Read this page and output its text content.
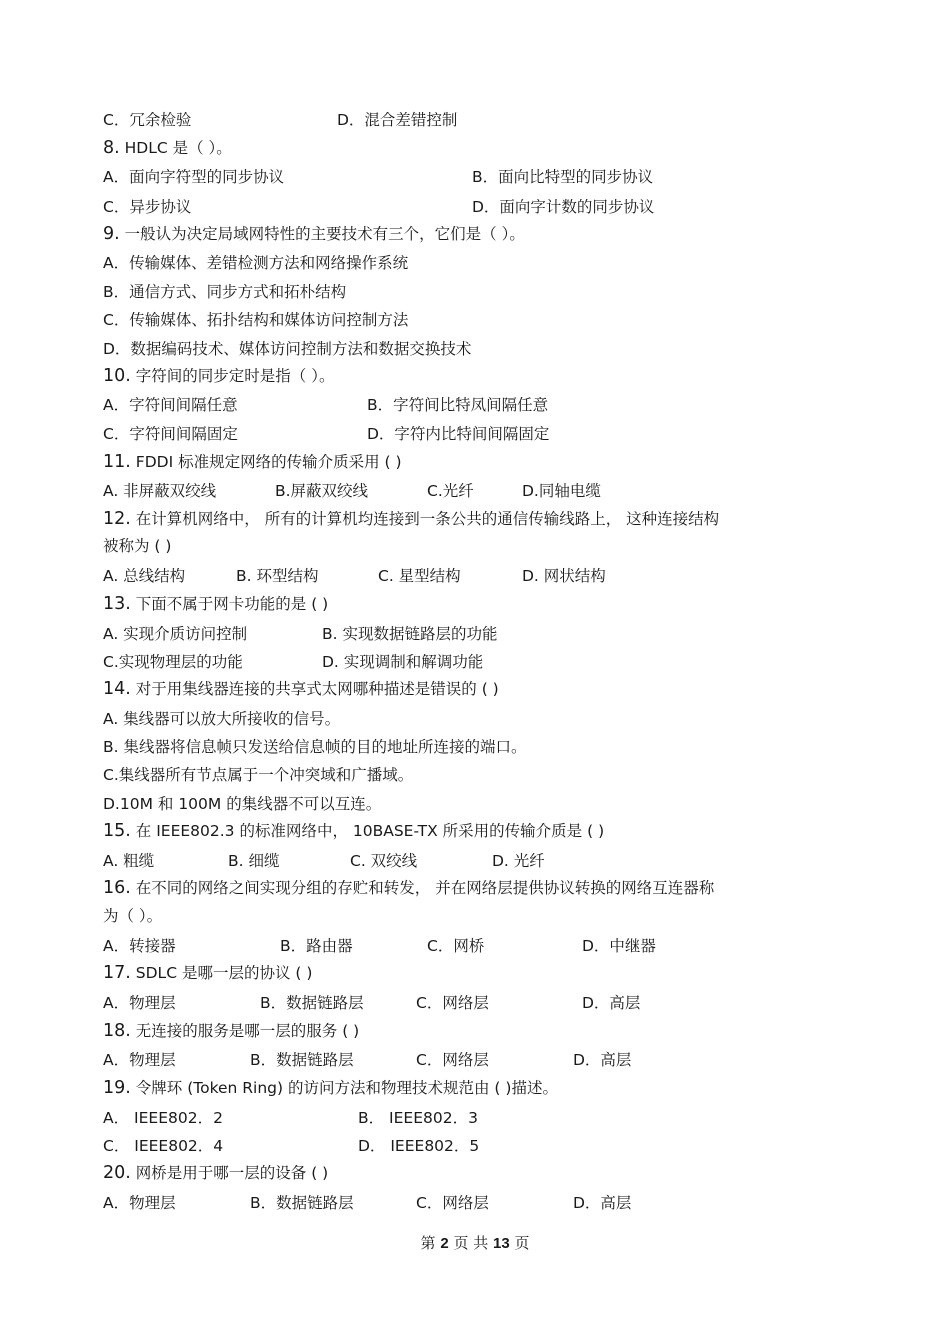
C．冗余检验	D．混合差错控制
8. HDLC 是（ ）。
A．面向字符型的同步协议	B．面向比特型的同步协议
C．异步协议	D．面向字计数的同步协议
9. 一般认为决定局域网特性的主要技术有三个，它们是（ ）。
A．传输媒体、差错检测方法和网络操作系统
B．通信方式、同步方式和拓朴结构
C．传输媒体、拓扑结构和媒体访问控制方法
D．数据编码技术、媒体访问控制方法和数据交换技术
10. 字符间的同步定时是指（ ）。
A．字符间间隔任意	B．字符间比特凤间隔任意
C．字符间间隔固定	D．字符内比特间间隔固定
11. FDDI 标准规定网络的传输介质采用 ( )
A. 非屏蔽双绞线	B.屏蔽双绞线	C.光纤	D.同轴电缆
12. 在计算机网络中， 所有的计算机均连接到一条公共的通信传输线路上， 这种连接结构
被称为 ( )
A. 总线结构	B. 环型结构	C. 星型结构	D. 网状结构
13. 下面不属于网卡功能的是 ( )
A. 实现介质访问控制	B. 实现数据链路层的功能
C.实现物理层的功能	D. 实现调制和解调功能
14. 对于用集线器连接的共享式太网哪种描述是错误的 ( )
A. 集线器可以放大所接收的信号。
B. 集线器将信息帧只发送给信息帧的目的地址所连接的端口。
C.集线器所有节点属于一个冲突域和广播域。
D.10M 和 100M 的集线器不可以互连。
15. 在 IEEE802.3 的标准网络中， 10BASE-TX 所采用的传输介质是 ( )
A. 粗缆	B. 细缆	C. 双绞线	D. 光纤
16. 在不同的网络之间实现分组的存贮和转发， 并在网络层提供协议转换的网络互连器称
为（ ）。
A．转接器	B．路由器	C．网桥	D．中继器
17. SDLC 是哪一层的协议 ( )
A．物理层	B．数据链路层	C．网络层	D．高层
18. 无连接的服务是哪一层的服务 ( )
A．物理层	B．数据链路层	C．网络层	D．高层
19. 令牌环 (Token Ring) 的访问方法和物理技术规范由 ( )描述。
A． IEEE802．2	B． IEEE802．3
C． IEEE802．4	D． IEEE802．5
20. 网桥是用于哪一层的设备 ( )
A．物理层	B．数据链路层	C．网络层	D．高层
第 2 页 共 13 页
